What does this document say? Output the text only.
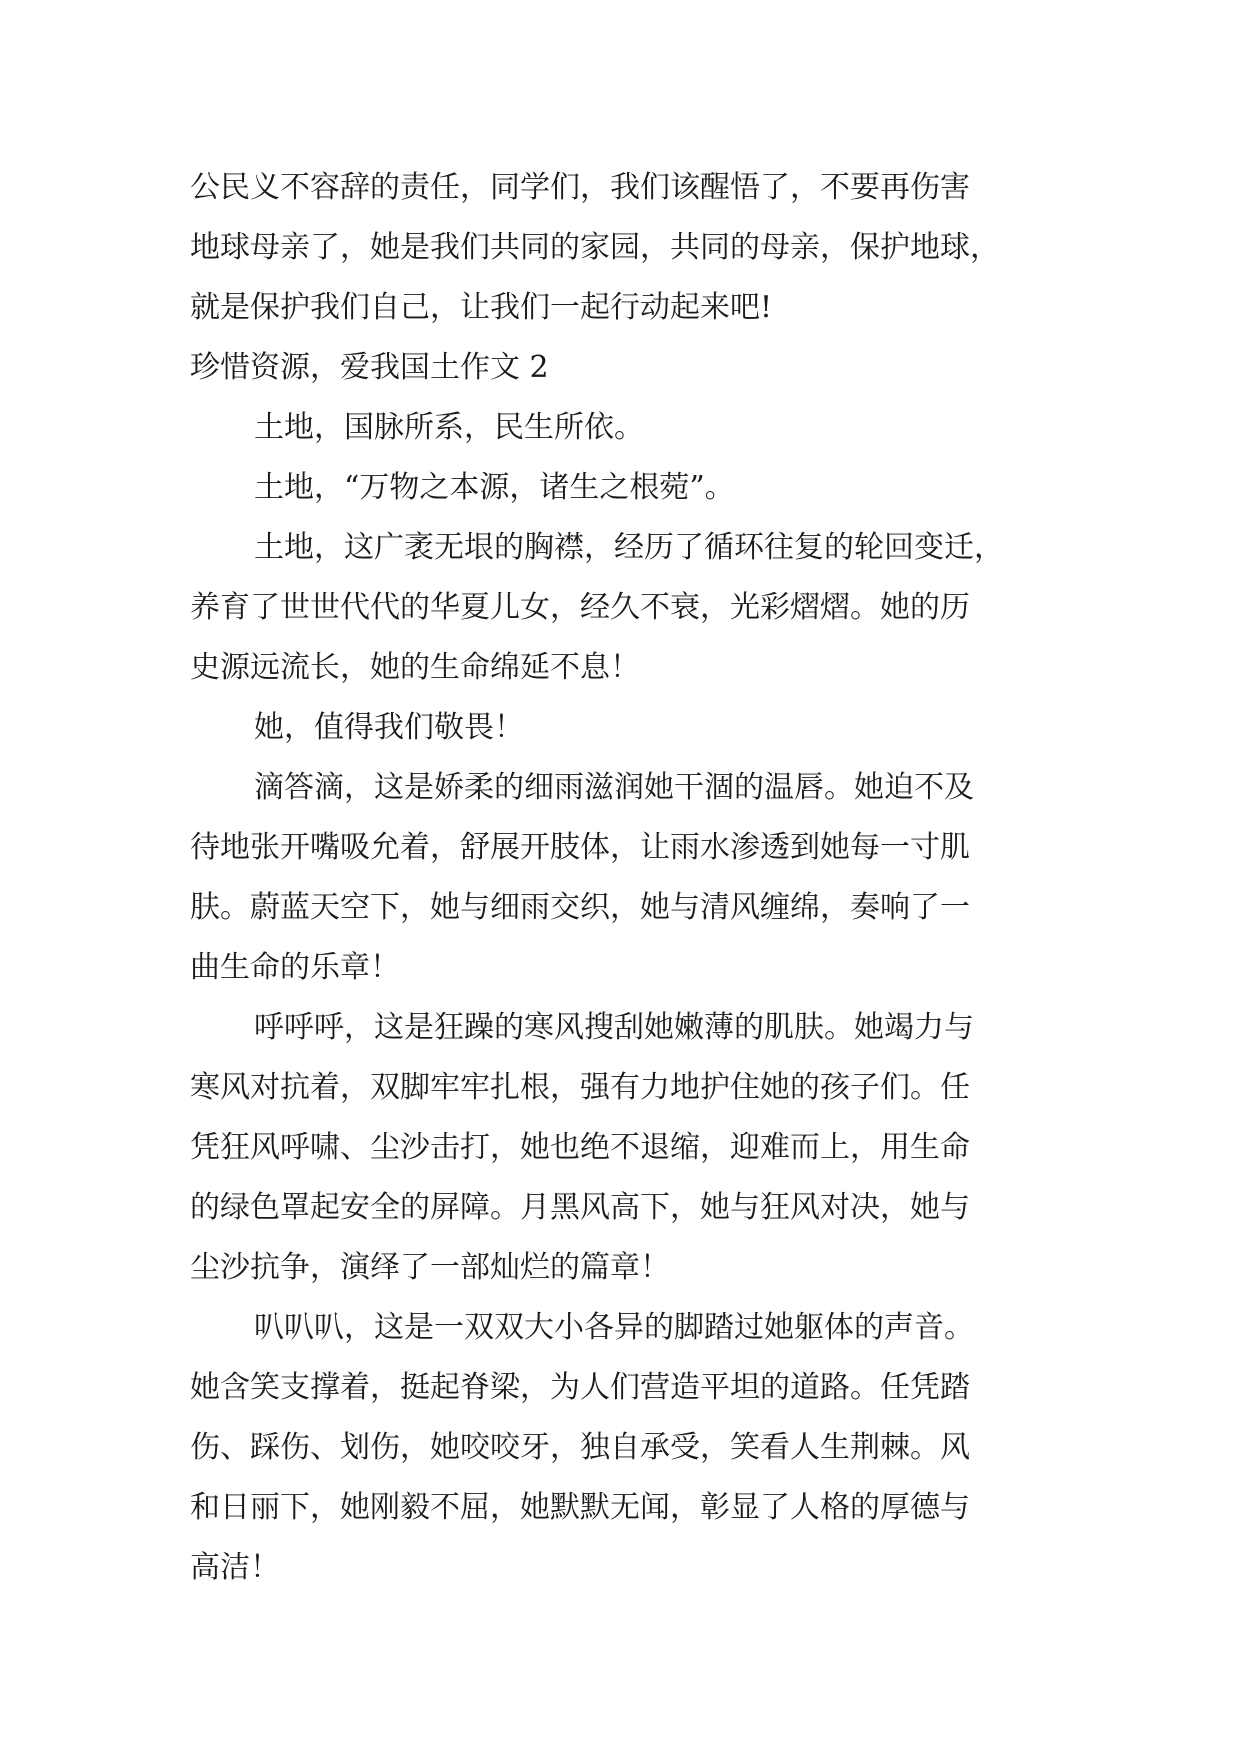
公民义不容辞的责任，同学们，我们该醒悟了，不要再伤害
地球母亲了，她是我们共同的家园，共同的母亲，保护地球，
就是保护我们自己，让我们一起行动起来吧!
珍惜资源，爱我国土作文 2
土地，国脉所系，民生所依。
土地，“万物之本源，诸生之根菀”。
土地，这广袤无垠的胸襟，经历了循环往复的轮回变迁，
养育了世世代代的华夏儿女，经久不衰，光彩熠熠。她的历
史源远流长，她的生命绵延不息！
她，值得我们敬畏！
滴答滴，这是娇柔的细雨滋润她干涸的温唇。她迫不及
待地张开嘴吸允着，舒展开肢体，让雨水渗透到她每一寸肌
肤。蔚蓝天空下，她与细雨交织，她与清风缠绵，奏响了一
曲生命的乐章！
呼呼呼，这是狂躁的寒风搜刮她嫩薄的肌肤。她竭力与
寒风对抗着，双脚牢牢扎根，强有力地护住她的孩子们。任
凭狂风呼啸、尘沙击打，她也绝不退缩，迎难而上，用生命
的绿色罩起安全的屏障。月黑风高下，她与狂风对决，她与
尘沙抗争，演绎了一部灿烂的篇章！
叭叭叭，这是一双双大小各异的脚踏过她躯体的声音。
她含笑支撑着，挺起脊梁，为人们营造平坦的道路。任凭踏
伤、踩伤、划伤，她咬咬牙，独自承受，笑看人生荆棘。风
和日丽下，她刚毅不屈，她默默无闻，彰显了人格的厚德与
高洁！
